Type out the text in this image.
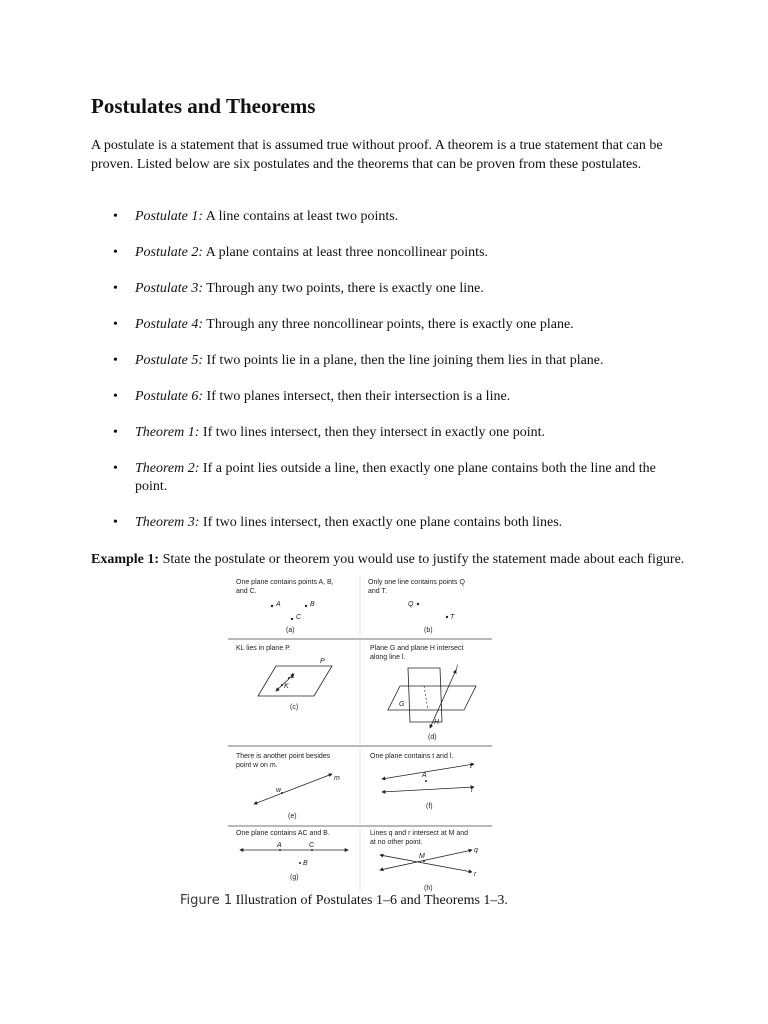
Postulates and Theorems

A postulate is a statement that is assumed true without proof. A theorem is a true statement that can be proven. Listed below are six postulates and the theorems that can be proven from these postulates.

• Postulate 1: A line contains at least two points.
• Postulate 2: A plane contains at least three noncollinear points.
• Postulate 3: Through any two points, there is exactly one line.
• Postulate 4: Through any three noncollinear points, there is exactly one plane.
• Postulate 5: If two points lie in a plane, then the line joining them lies in that plane.
• Postulate 6: If two planes intersect, then their intersection is a line.
• Theorem 1: If two lines intersect, then they intersect in exactly one point.
• Theorem 2: If a point lies outside a line, then exactly one plane contains both the line and the point.
• Theorem 3: If two lines intersect, then exactly one plane contains both lines.

Example 1: State the postulate or theorem you would use to justify the statement made about each figure.

One plane contains points A, B,
and C.
A	B
C
(a)
Only one line contains points Q
and T.
Q
T
(b)
KL lies in plane P.
P
L
K
(c)
Plane G and plane H intersect
along line l.
l
G
H
(d)
There is another point besides
point w on m.
m
w
(e)
One plane contains t and l.
A
t
l
(f)
One plane contains AC and B.
A	C
B
(g)
Lines q and r intersect at M and
at no other point.
M
q
r
(h)
Figure 1 Illustration of Postulates 1–6 and Theorems 1–3.
